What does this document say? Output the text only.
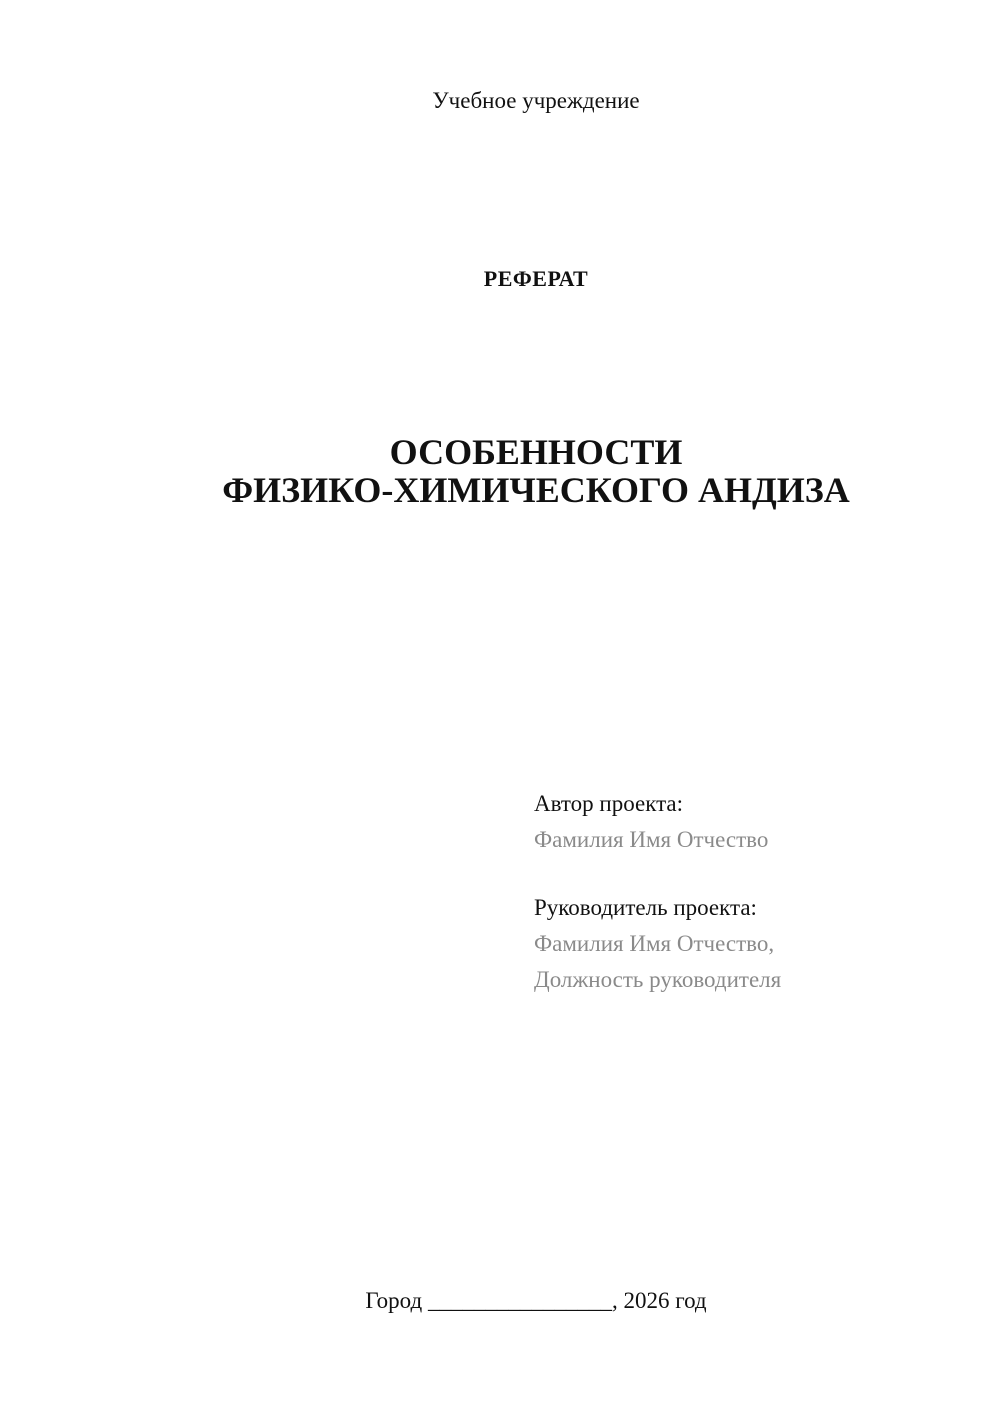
Учебное учреждение
РЕФЕРАТ
ОСОБЕННОСТИ
ФИЗИКО-ХИМИЧЕСКОГО АНДИЗА
Автор проекта:
Фамилия Имя Отчество
Руководитель проекта:
Фамилия Имя Отчество,
Должность руководителя
Город ________________, 2026 год
